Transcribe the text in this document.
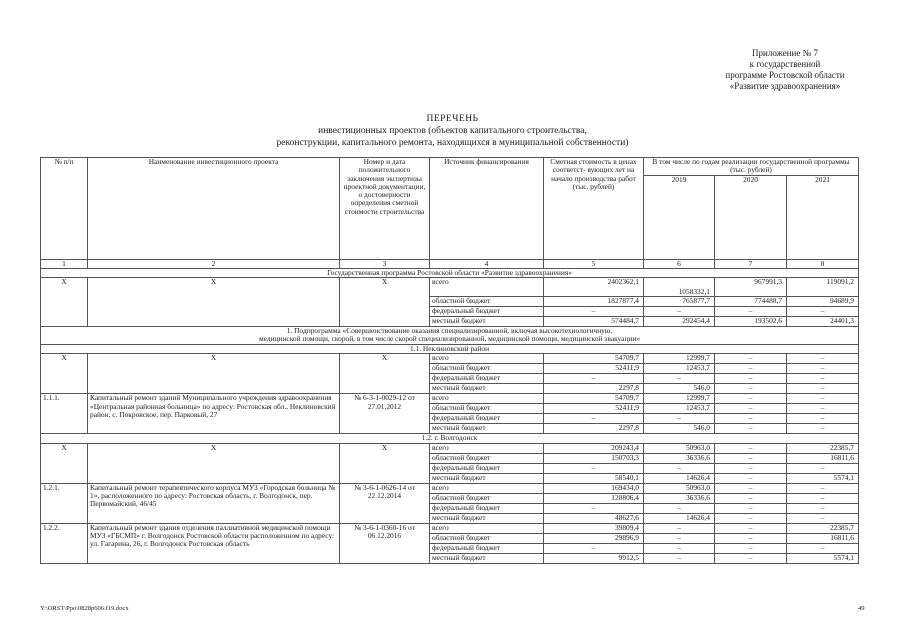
Приложение № 7
к государственной
программе Ростовской области
«Развитие здравоохранения»
ПЕРЕЧЕНЬ
инвестиционных проектов (объектов капитального строительства,
реконструкции, капитального ремонта, находящихся в муниципальной собственности)
№ п/п	Наименование инвестиционного проекта	Номер и дата положительного заключения экспертизы проектной документации, о достоверности определения сметной стоимости строительства	Источник финансирования	Сметная стоимость в ценах соответст- вующих лет на начало производства работ (тыс. рублей)	В том числе по годам реализации государственной программы (тыс. рублей)		
					2019	2020	2021
1	2	3	4	5	6	7	8
Государственная программа Ростовской области «Развитие здравоохранения»							
X	X	X	всего	2402362,1	1058332,1	967991,3	119091,2
			областной бюджет	1827877,4	765877,7	774488,7	94689,9
			федеральный бюджет	–	–	–	–
			местный бюджет	574484,7	292454,4	193502,6	24401,3

1. Подпрограмма «Совершенствование оказания специализированной, включая высокотехнологичную,
медицинской помощи, скорой, в том числе скорой специализированной, медицинской помощи, медицинской эвакуации»							

1.1. Неклиновский район							
X	X	X	всего	54709,7	12999,7	–	–
			областной бюджет	52411,9	12453,7	–	–
			федеральный бюджет	–	–	–	–
			местный бюджет	2297,8	546,0	–	–
1.1.1.	Капитальный ремонт зданий Муниципального учреждения здравоохранения «Центральная районная больница» по адресу: Ростовская обл., Неклиновский район, с. Покровское, пер. Парковый, 27	№ 6-3-1-0029-12 от 27.01.2012	всего	54709,7	12999,7	–	–
			областной бюджет	52411,9	12453,7	–	–
			федеральный бюджет	–	–	–	–
			местный бюджет	2297,8	546,0	–	–
1.2. г. Волгодонск							
X	X	X	всего	209243,4	50963,0	–	22385,7
			областной бюджет	150703,3	36336,6	–	16811,6
			федеральный бюджет	–	–	–	–
			местный бюджет	58540,1	14626,4	–	5574,1
1.2.1.	Капитальный ремонт терапевтического корпуса МУЗ «Городская больница № 1», расположенного по адресу: Ростовская область, г. Волгодонск, пер. Первомайский, 46/45	№ 3-6-1-0626-14 от 22.12.2014	всего	169434,0	50963,0	–	–
			областной бюджет	120806,4	36336,6	–	–
			федеральный бюджет	–	–	–	–
			местный бюджет	48627,6	14626,4	–	–
1.2.2.	Капитальный ремонт здания отделения паллиативной медицинской помощи МУЗ «ГБСМП» г. Волгодонск Ростовской области расположенном по адресу: ул. Гагарина, 26, г. Волгодонск Ростовская область	№ 3-6-1-0360-16 от 06.12.2016	всего	39809,4	–	–	22385,7
			областной бюджет	29896,9	–	–	16811,6
			федеральный бюджет	–	–	–	–
			местный бюджет	9912,5	–	–	5574,1
Y:\ORST\Ppo\0828p606.f19.docx	49
